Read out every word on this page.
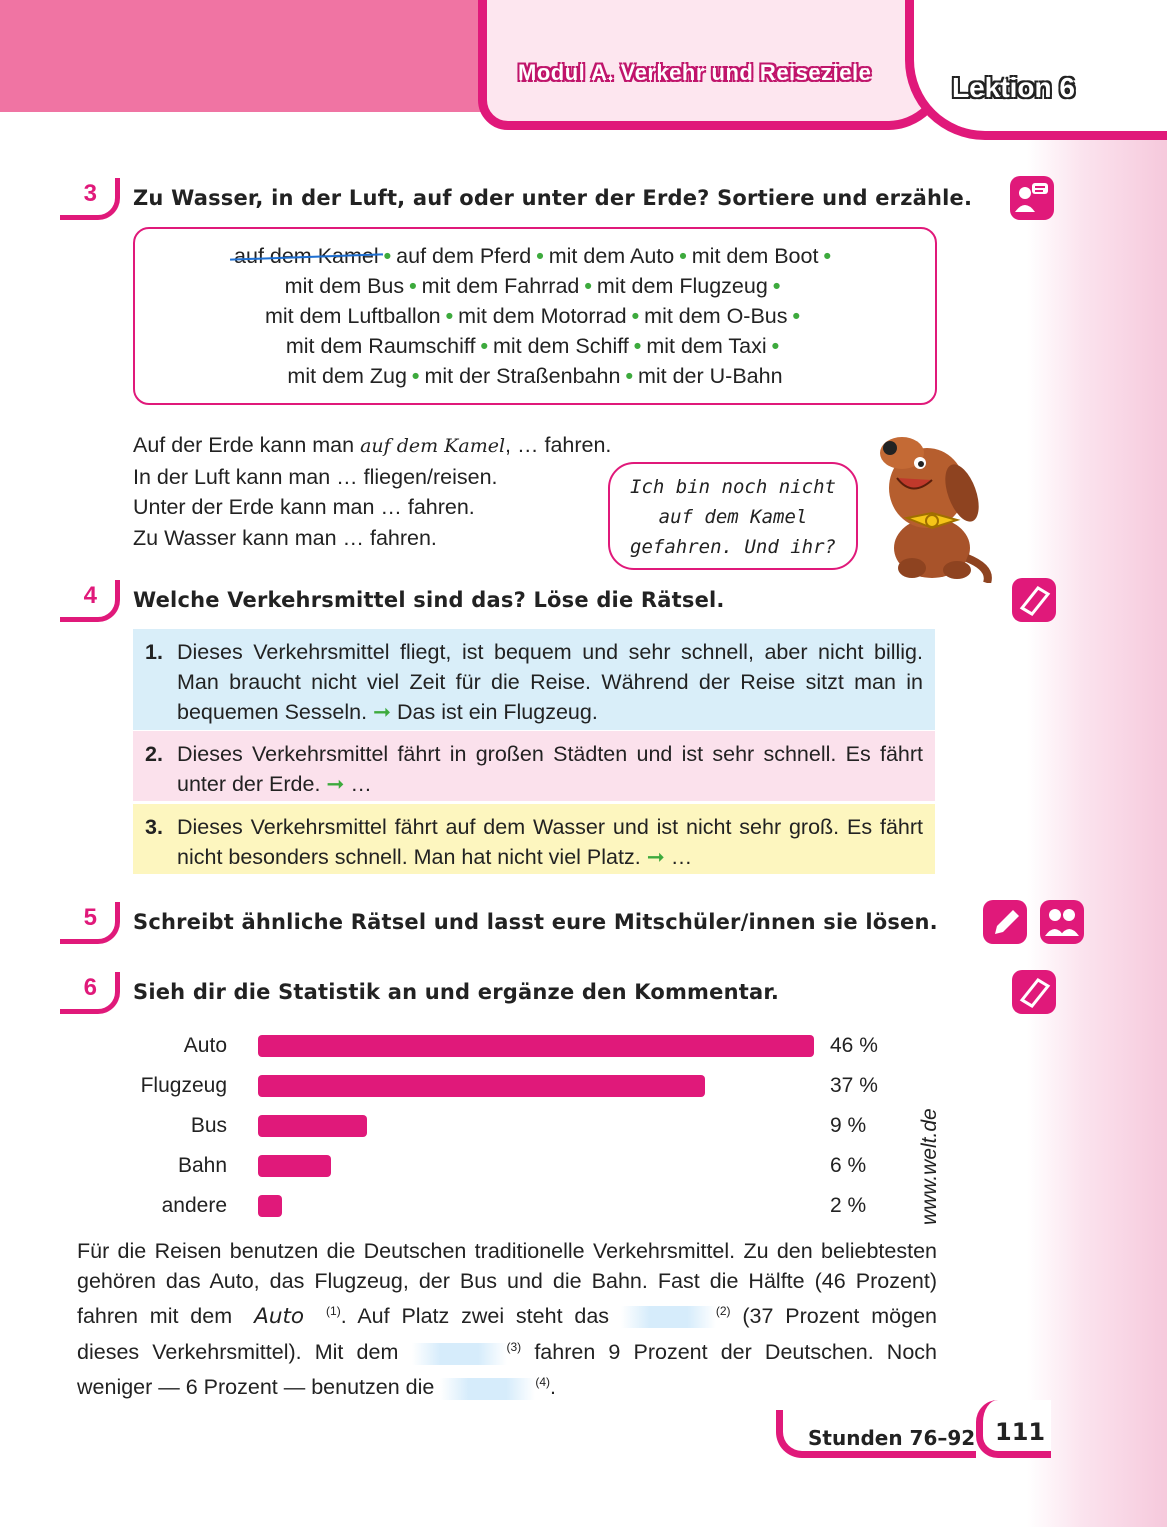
Modul A. Verkehr und Reiseziele	Lektion 6
3	Zu Wasser, in der Luft, auf oder unter der Erde? Sortiere und erzähle.
auf dem Kamel • auf dem Pferd • mit dem Auto • mit dem Boot •
mit dem Bus • mit dem Fahrrad • mit dem Flugzeug •
mit dem Luftballon • mit dem Motorrad • mit dem O-Bus •
mit dem Raumschiff • mit dem Schiff • mit dem Taxi •
mit dem Zug • mit der Straßenbahn • mit der U-Bahn
Auf der Erde kann man auf dem Kamel, … fahren.
In der Luft kann man … fliegen/reisen.
Unter der Erde kann man … fahren.
Zu Wasser kann man … fahren.
Ich bin noch nicht
auf dem Kamel
gefahren. Und ihr?
4	Welche Verkehrsmittel sind das? Löse die Rätsel.
1. Dieses Verkehrsmittel fliegt, ist bequem und sehr schnell, aber nicht billig. Man braucht nicht viel Zeit für die Reise. Während der Reise sitzt man in bequemen Sesseln. ➞ Das ist ein Flugzeug.
2. Dieses Verkehrsmittel fährt in großen Städten und ist sehr schnell. Es fährt unter der Erde. ➞ …
3. Dieses Verkehrsmittel fährt auf dem Wasser und ist nicht sehr groß. Es fährt nicht besonders schnell. Man hat nicht viel Platz. ➞ …
5	Schreibt ähnliche Rätsel und lasst eure Mitschüler/innen sie lösen.
6	Sieh dir die Statistik an und ergänze den Kommentar.
Auto	46 %
Flugzeug	37 %
Bus	9 %
Bahn	6 %
andere	2 % www.welt.de
Für die Reisen benutzen die Deutschen traditionelle Verkehrsmittel. Zu den beliebtesten gehören das Auto, das Flugzeug, der Bus und die Bahn. Fast die Hälfte (46 Prozent) fahren mit dem Auto $^{(1)}$. Auf Platz zwei steht das	$^{(2)}$ (37 Prozent mögen dieses Verkehrsmittel). Mit dem	$^{(3)}$ fahren 9 Prozent der Deutschen. Noch weniger — 6 Prozent — benutzen die	$^{(4)}$.
Stunden 76–92 111
